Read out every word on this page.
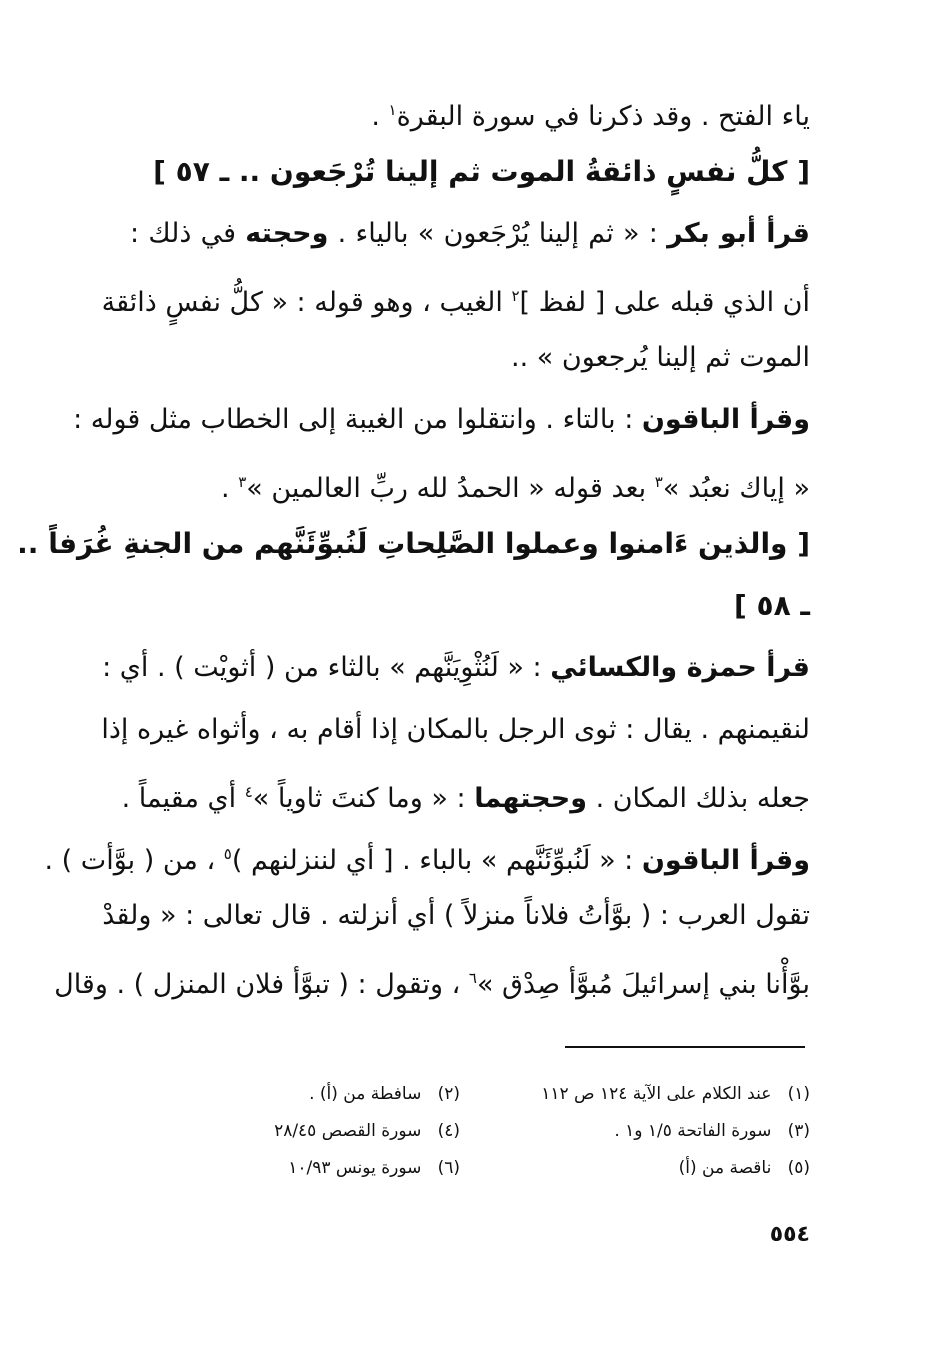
ياء الفتح . وقد ذكرنا في سورة البقرة$^١$ .
[ كلُّ نفسٍ ذائقةُ الموت ثم إلينا تُرْجَعون .. ـ ٥٧ ]
قرأ أبو بكر : « ثم إلينا يُرْجَعون » بالياء . وحجته في ذلك :
أن الذي قبله على [ لفظ ]$^٢$ الغيب ، وهو قوله : « كلُّ نفسٍ ذائقة
الموت ثم إلينا يُرجعون » ..
وقرأ الباقون : بالتاء . وانتقلوا من الغيبة إلى الخطاب مثل قوله :
« إياك نعبُد »$^٣$ بعد قوله « الحمدُ لله ربِّ العالمين »$^٣$ .
[ والذين ءَامنوا وعملوا الصَّلِحاتِ لَنُبوِّئَنَّهم من الجنةِ غُرَفاً ..
ـ ٥٨ ]
قرأ حمزة والكسائي : « لَنُثْوِيَنَّهم » بالثاء من ( أثويْت ) . أي :
لنقيمنهم . يقال : ثوى الرجل بالمكان إذا أقام به ، وأثواه غيره إذا
جعله بذلك المكان . وحجتهما : « وما كنتَ ثاوياً »$^٤$ أي مقيماً .
وقرأ الباقون : « لَنُبوِّئَنَّهم » بالباء . [ أي لننزلنهم )$^٥$ ، من ( بوَّأت ) .
تقول العرب : ( بوَّأتُ فلاناً منزلاً ) أي أنزلته . قال تعالى : « ولقدْ
بوَّأْنا بني إسرائيلَ مُبوَّأ صِدْق »$^٦$ ، وتقول : ( تبوَّأ فلان المنزل ) . وقال
(١)   عند الكلام على الآية ١٢٤ ص ١١٢
(٢)   سافطة من (أ) .
(٣)   سورة الفاتحة ١/٥ و١ .
(٤)   سورة القصص ٢٨/٤٥
(٥)   ناقصة من (أ)
(٦)   سورة يونس ١٠/٩٣
٥٥٤
